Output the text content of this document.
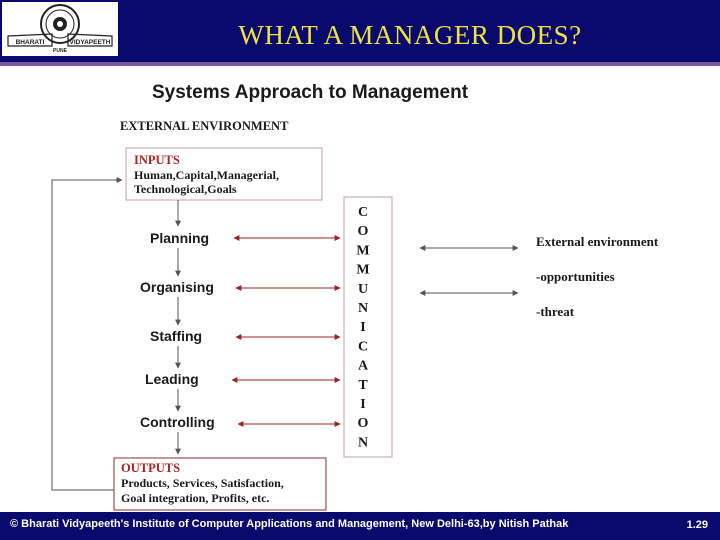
BHARATI	VIDYAPEETH
PUNE
WHAT A MANAGER DOES?
Systems Approach to Management
EXTERNAL ENVIRONMENT
INPUTS
Human,Capital,Managerial,
Technological,Goals
C
O
M
M
U
N
I
C
A
T
I
O
N
Planning
Organising
Staffing
Leading
Controlling
External environment
-opportunities
-threat
OUTPUTS
Products, Services, Satisfaction,
Goal integration, Profits, etc.
© Bharati Vidyapeeth's Institute of Computer Applications and Management, New Delhi-63,by Nitish Pathak	1.29
